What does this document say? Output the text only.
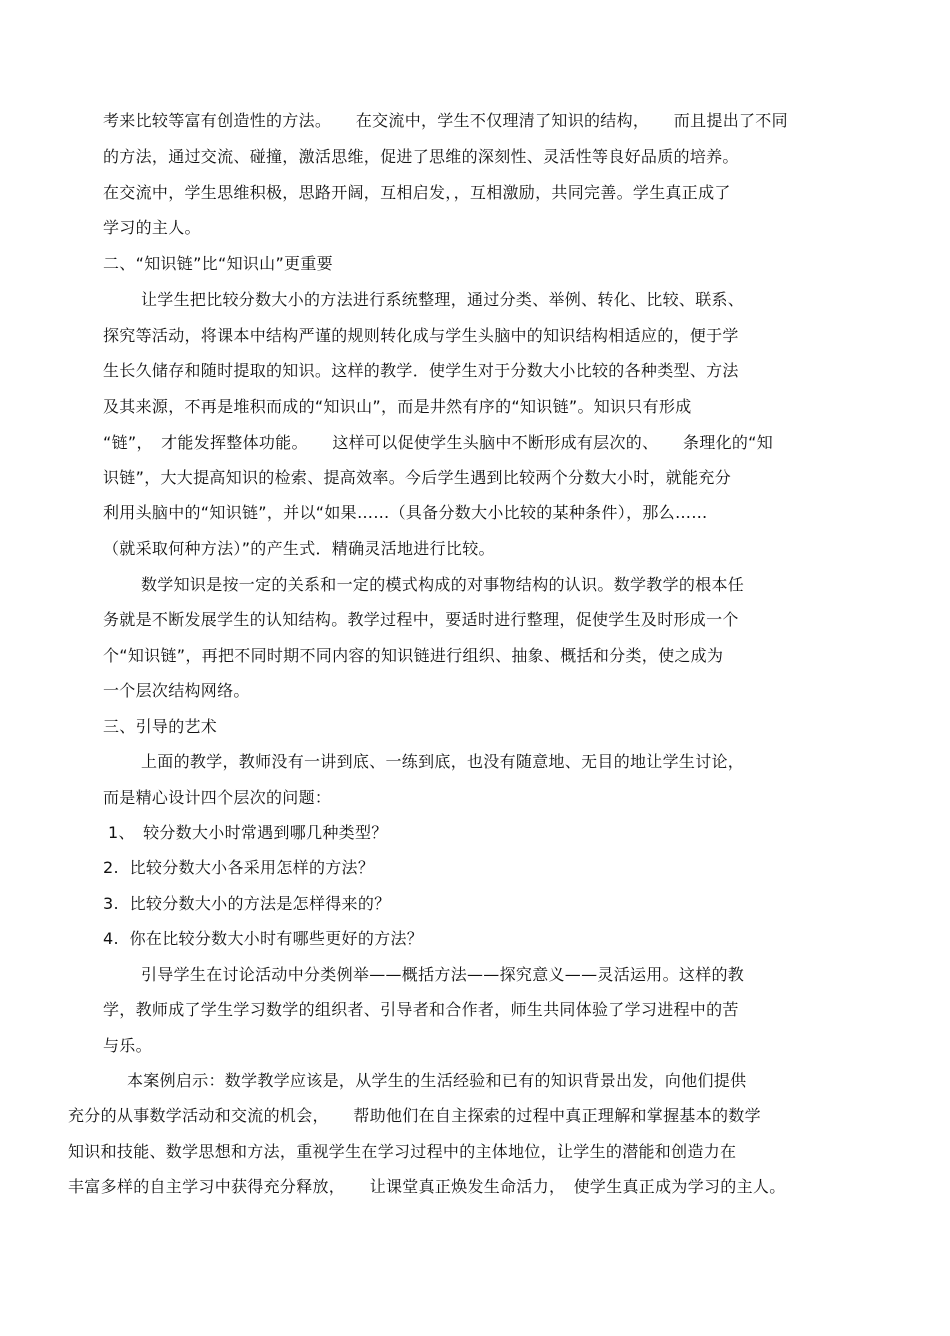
考来比较等富有创造性的方法。　　在交流中，学生不仅理清了知识的结构，　　而且提出了不同
的方法，通过交流、碰撞，激活思维，促进了思维的深刻性、灵活性等良好品质的培养。
在交流中，学生思维积极，思路开阔，互相启发，，互相激励，共同完善。学生真正成了
学习的主人。
二、“知识链”比“知识山”更重要
让学生把比较分数大小的方法进行系统整理，通过分类、举例、转化、比较、联系、
探究等活动，将课本中结构严谨的规则转化成与学生头脑中的知识结构相适应的，便于学
生长久储存和随时提取的知识。这样的教学．使学生对于分数大小比较的各种类型、方法
及其来源，不再是堆积而成的“知识山”，而是井然有序的“知识链”。知识只有形成
“链”，　才能发挥整体功能。　　这样可以促使学生头脑中不断形成有层次的、　　条理化的“知
识链”，大大提高知识的检索、提高效率。今后学生遇到比较两个分数大小时，就能充分
利用头脑中的“知识链”，并以“如果……（具备分数大小比较的某种条件），那么……
（就采取何种方法）”的产生式．精确灵活地进行比较。
数学知识是按一定的关系和一定的模式构成的对事物结构的认识。数学教学的根本任
务就是不断发展学生的认知结构。教学过程中，要适时进行整理，促使学生及时形成一个
个“知识链”，再把不同时期不同内容的知识链进行组织、抽象、概括和分类，使之成为
一个层次结构网络。
三、引导的艺术
上面的教学，教师没有一讲到底、一练到底，也没有随意地、无目的地让学生讨论，
而是精心设计四个层次的问题：
1、　较分数大小时常遇到哪几种类型？
2.  比较分数大小各采用怎样的方法？
3.  比较分数大小的方法是怎样得来的？
4.  你在比较分数大小时有哪些更好的方法？
引导学生在讨论活动中分类例举——概括方法——探究意义——灵活运用。这样的教
学，教师成了学生学习数学的组织者、引导者和合作者，师生共同体验了学习进程中的苦
与乐。
本案例启示：数学教学应该是，从学生的生活经验和已有的知识背景出发，向他们提供
充分的从事数学活动和交流的机会，　　帮助他们在自主探索的过程中真正理解和掌握基本的数学
知识和技能、数学思想和方法，重视学生在学习过程中的主体地位，让学生的潜能和创造力在
丰富多样的自主学习中获得充分释放，　　让课堂真正焕发生命活力，　使学生真正成为学习的主人。
